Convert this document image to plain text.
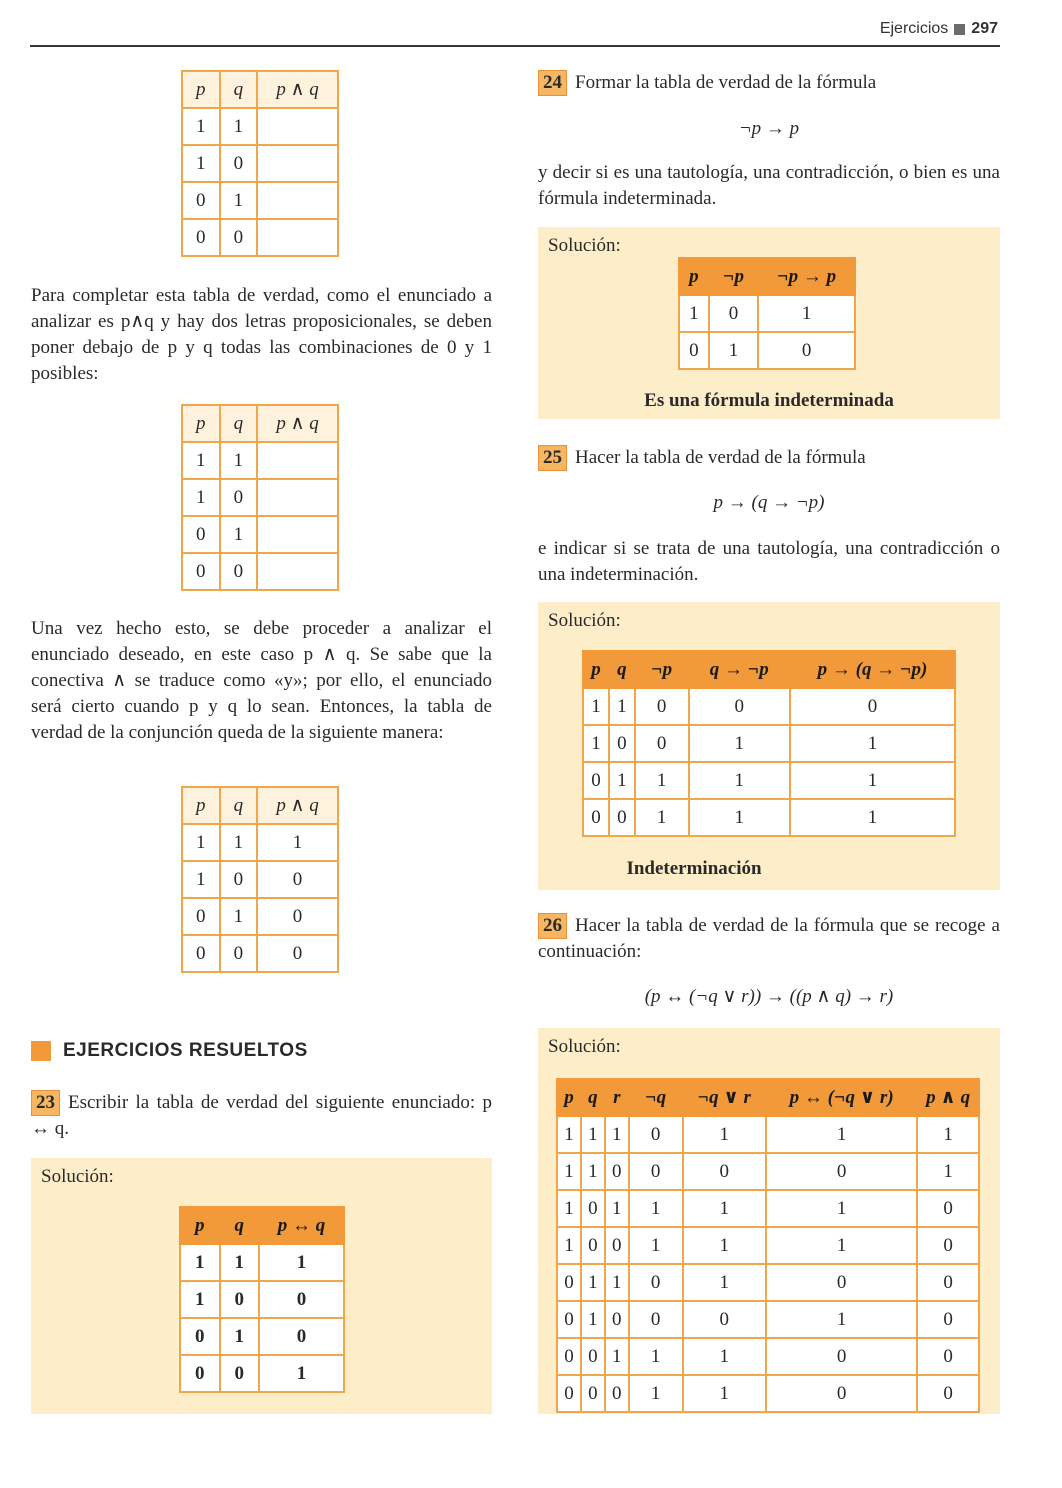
Ejercicios 297
p	q	p ∧ q
1	1	
1	0	
0	1	
0	0	

Para completar esta tabla de verdad, como el enunciado a analizar es p∧q y hay dos letras proposicionales, se deben poner debajo de p y q todas las combinaciones de 0 y 1 posibles:

p	q	p ∧ q
1	1	
1	0	
0	1	
0	0	

Una vez hecho esto, se debe proceder a analizar el enunciado deseado, en este caso p ∧ q. Se sabe que la conectiva ∧ se traduce como «y»; por ello, el enunciado será cierto cuando p y q lo sean. Entonces, la tabla de verdad de la conjunción queda de la siguiente manera:

p	q	p ∧ q
1	1	1
1	0	0
0	1	0
0	0	0
EJERCICIOS RESUELTOS
23 Escribir la tabla de verdad del siguiente enunciado: p ↔ q.
Solución:
p	q	p ↔ q
1	1	1
1	0	0
0	1	0
0	0	1
24 Formar la tabla de verdad de la fórmula
¬p → p

y decir si es una tautología, una contradicción, o bien es una fórmula indeterminada.

Solución:
p	¬p	¬p → p
1	0	1
0	1	0
Es una fórmula indeterminada
25 Hacer la tabla de verdad de la fórmula
p → (q → ¬p)

e indicar si se trata de una tautología, una contradicción o una indeterminación.

Solución:
p	q	¬p	q → ¬p	p → (q → ¬p)
1	1	0	0	0
1	0	0	1	1
0	1	1	1	1
0	0	1	1	1
Indeterminación
26 Hacer la tabla de verdad de la fórmula que se recoge a continuación:
(p ↔ (¬q ∨ r)) → ((p ∧ q) → r)
Solución:
p	q	r	¬q	¬q ∨ r	p ↔ (¬q ∨ r)	p ∧ q
1	1	1	0	1	1	1
1	1	0	0	0	0	1
1	0	1	1	1	1	0
1	0	0	1	1	1	0
0	1	1	0	1	0	0
0	1	0	0	0	1	0
0	0	1	1	1	0	0
0	0	0	1	1	0	0
